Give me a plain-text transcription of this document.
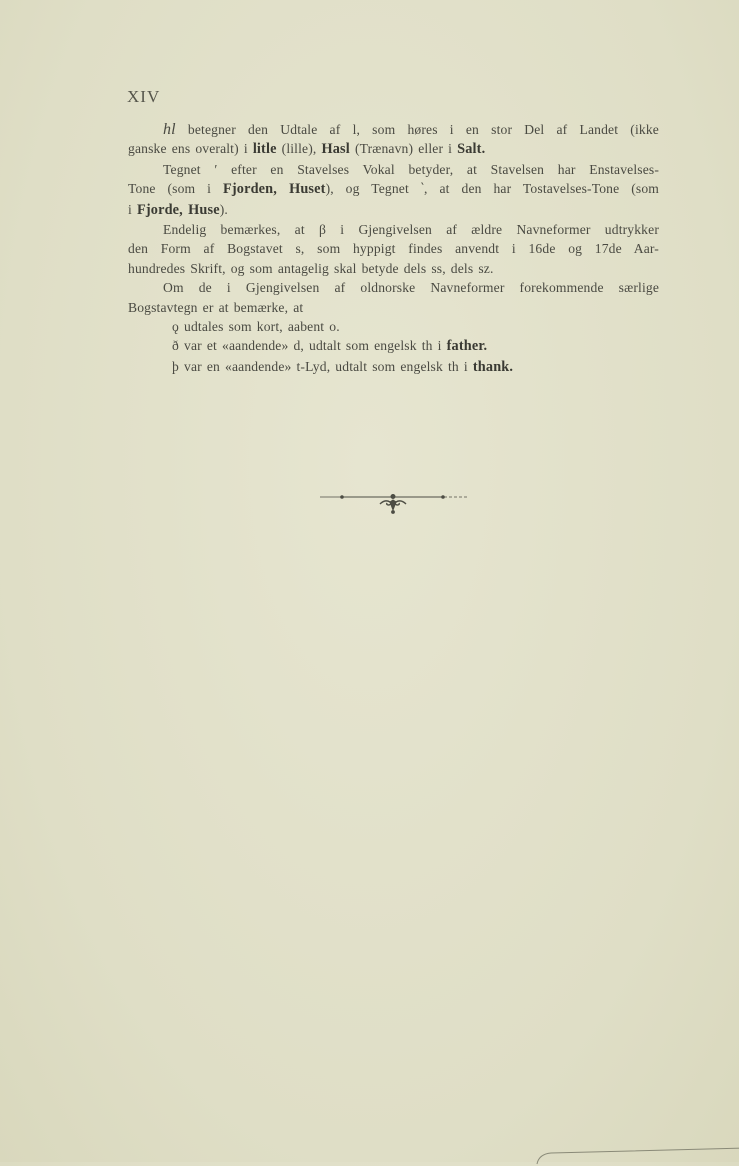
XIV
hl betegner den Udtale af l, som høres i en stor Del af Landet (ikke
ganske ens overalt) i litle (lille), Hasl (Trænavn) eller i Salt.
Tegnet ′ efter en Stavelses Vokal betyder, at Stavelsen har Enstavelses-
Tone (som i Fjorden, Huset), og Tegnet ‵, at den har Tostavelses-Tone (som
i Fjorde, Huse).
Endelig bemærkes, at β i Gjengivelsen af ældre Navneformer udtrykker
den Form af Bogstavet s, som hyppigt findes anvendt i 16de og 17de Aar-
hundredes Skrift, og som antagelig skal betyde dels ss, dels sz.
Om de i Gjengivelsen af oldnorske Navneformer forekommende særlige
Bogstavtegn er at bemærke, at
ǫ udtales som kort, aabent o.
ð var et «aandende» d, udtalt som engelsk th i father.
þ var en «aandende» t-Lyd, udtalt som engelsk th i thank.
